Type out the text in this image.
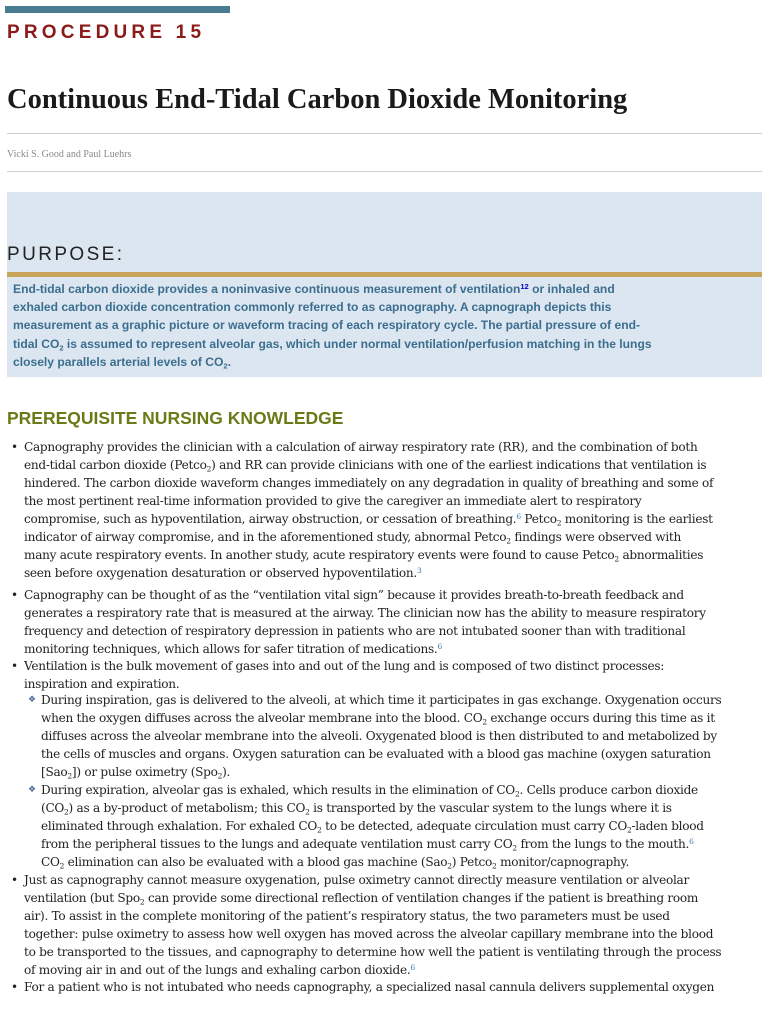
PROCEDURE 15
Continuous End-Tidal Carbon Dioxide Monitoring
Vicki S. Good and Paul Luehrs
PURPOSE:
End-tidal carbon dioxide provides a noninvasive continuous measurement of ventilation$^{12}$ or inhaled and
exhaled carbon dioxide concentration commonly referred to as capnography. A capnograph depicts this
measurement as a graphic picture or waveform tracing of each respiratory cycle. The partial pressure of end-
tidal $CO_2$ is assumed to represent alveolar gas, which under normal ventilation/perfusion matching in the lungs
closely parallels arterial levels of $CO_2$.
PREREQUISITE NURSING KNOWLEDGE
• Capnography provides the clinician with a calculation of airway respiratory rate (RR), and the combination of both
end-tidal carbon dioxide (Petco$_2$) and RR can provide clinicians with one of the earliest indications that ventilation is
hindered. The carbon dioxide waveform changes immediately on any degradation in quality of breathing and some of
the most pertinent real-time information provided to give the caregiver an immediate alert to respiratory
compromise, such as hypoventilation, airway obstruction, or cessation of breathing.$^6$ Petco$_2$ monitoring is the earliest
indicator of airway compromise, and in the aforementioned study, abnormal Petco$_2$ findings were observed with
many acute respiratory events. In another study, acute respiratory events were found to cause Petco$_2$ abnormalities
seen before oxygenation desaturation or observed hypoventilation.$^3$
• Capnography can be thought of as the “ventilation vital sign” because it provides breath-to-breath feedback and
generates a respiratory rate that is measured at the airway. The clinician now has the ability to measure respiratory
frequency and detection of respiratory depression in patients who are not intubated sooner than with traditional
monitoring techniques, which allows for safer titration of medications.$^6$
• Ventilation is the bulk movement of gases into and out of the lung and is composed of two distinct processes:
inspiration and expiration.
❖ During inspiration, gas is delivered to the alveoli, at which time it participates in gas exchange. Oxygenation occurs
when the oxygen diffuses across the alveolar membrane into the blood. $CO_2$ exchange occurs during this time as it
diffuses across the alveolar membrane into the alveoli. Oxygenated blood is then distributed to and metabolized by
the cells of muscles and organs. Oxygen saturation can be evaluated with a blood gas machine (oxygen saturation
[Sao$_2$]) or pulse oximetry (Spo$_2$).
❖ During expiration, alveolar gas is exhaled, which results in the elimination of $CO_2$. Cells produce carbon dioxide
$(CO_2)$ as a by-product of metabolism; this $CO_2$ is transported by the vascular system to the lungs where it is
eliminated through exhalation. For exhaled $CO_2$ to be detected, adequate circulation must carry $CO_2$-laden blood
from the peripheral tissues to the lungs and adequate ventilation must carry $CO_2$ from the lungs to the mouth.$^6$
$CO_2$ elimination can also be evaluated with a blood gas machine (Sao$_2$) Petco$_2$ monitor/capnography.
• Just as capnography cannot measure oxygenation, pulse oximetry cannot directly measure ventilation or alveolar
ventilation (but Spo$_2$ can provide some directional reflection of ventilation changes if the patient is breathing room
air). To assist in the complete monitoring of the patient’s respiratory status, the two parameters must be used
together: pulse oximetry to assess how well oxygen has moved across the alveolar capillary membrane into the blood
to be transported to the tissues, and capnography to determine how well the patient is ventilating through the process
of moving air in and out of the lungs and exhaling carbon dioxide.$^6$
• For a patient who is not intubated who needs capnography, a specialized nasal cannula delivers supplemental oxygen
